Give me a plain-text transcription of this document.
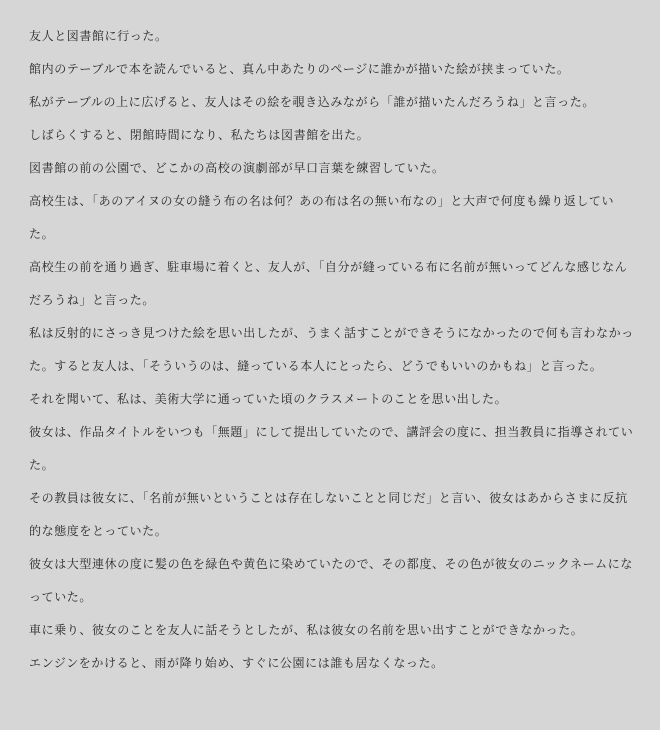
友人と図書館に行った。

館内のテーブルで本を読んでいると、真ん中あたりのページに誰かが描いた絵が挟まっていた。

私がテーブルの上に広げると、友人はその絵を覗き込みながら「誰が描いたんだろうね」と言った。

しばらくすると、閉館時間になり、私たちは図書館を出た。

図書館の前の公園で、どこかの高校の演劇部が早口言葉を練習していた。

高校生は、「あのアイヌの女の縫う布の名は何？あの布は名の無い布なの」と大声で何度も繰り返していた。

高校生の前を通り過ぎ、駐車場に着くと、友人が、「自分が縫っている布に名前が無いってどんな感じなんだろうね」と言った。

私は反射的にさっき見つけた絵を思い出したが、うまく話すことができそうになかったので何も言わなかった。すると友人は、「そういうのは、縫っている本人にとったら、どうでもいいのかもね」と言った。

それを聞いて、私は、美術大学に通っていた頃のクラスメートのことを思い出した。

彼女は、作品タイトルをいつも「無題」にして提出していたので、講評会の度に、担当教員に指導されていた。

その教員は彼女に、「名前が無いということは存在しないことと同じだ」と言い、彼女はあからさまに反抗的な態度をとっていた。

彼女は大型連休の度に髪の色を緑色や黄色に染めていたので、その都度、その色が彼女のニックネームになっていた。

車に乗り、彼女のことを友人に話そうとしたが、私は彼女の名前を思い出すことができなかった。

エンジンをかけると、雨が降り始め、すぐに公園には誰も居なくなった。
